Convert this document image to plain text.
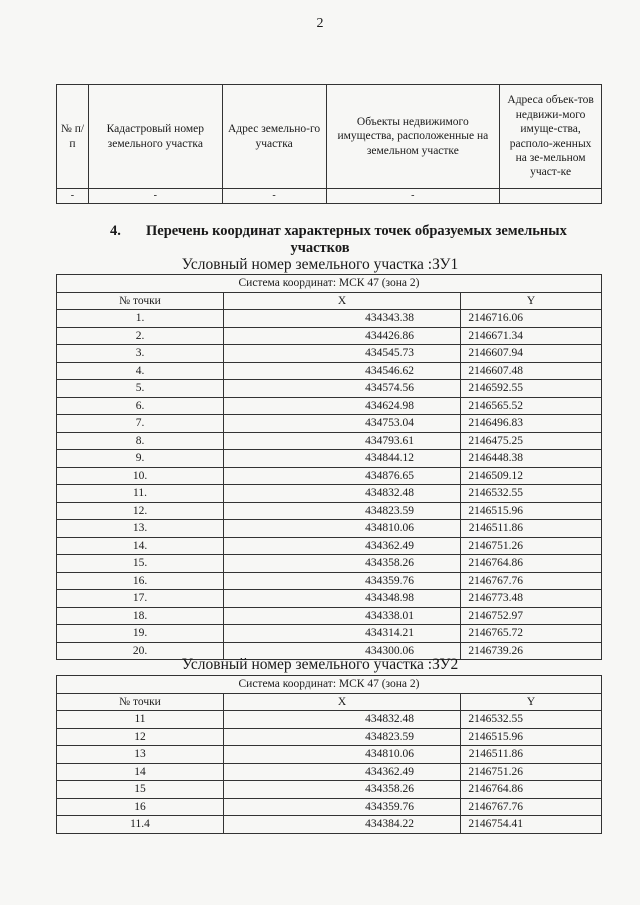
2
№ п/п	Кадастровый номер земельного участка	Адрес земельно-го участка	Объекты недвижимого имущества, расположенные на земельном участке	Адреса объек-тов недвижи-мого имуще-ства, располо-женных на зе-мельном участ-ке
-	-	-	-	
4. Перечень координат характерных точек образуемых земельных
участков
Условный номер земельного участка :ЗУ1
Система координат: МСК 47 (зона 2)		
№ точки	X	Y
1.	434343.38	2146716.06
2.	434426.86	2146671.34
3.	434545.73	2146607.94
4.	434546.62	2146607.48
5.	434574.56	2146592.55
6.	434624.98	2146565.52
7.	434753.04	2146496.83
8.	434793.61	2146475.25
9.	434844.12	2146448.38
10.	434876.65	2146509.12
11.	434832.48	2146532.55
12.	434823.59	2146515.96
13.	434810.06	2146511.86
14.	434362.49	2146751.26
15.	434358.26	2146764.86
16.	434359.76	2146767.76
17.	434348.98	2146773.48
18.	434338.01	2146752.97
19.	434314.21	2146765.72
20.	434300.06	2146739.26
Условный номер земельного участка :ЗУ2
Система координат: МСК 47 (зона 2)		
№ точки	X	Y
11	434832.48	2146532.55
12	434823.59	2146515.96
13	434810.06	2146511.86
14	434362.49	2146751.26
15	434358.26	2146764.86
16	434359.76	2146767.76
11.4	434384.22	2146754.41
